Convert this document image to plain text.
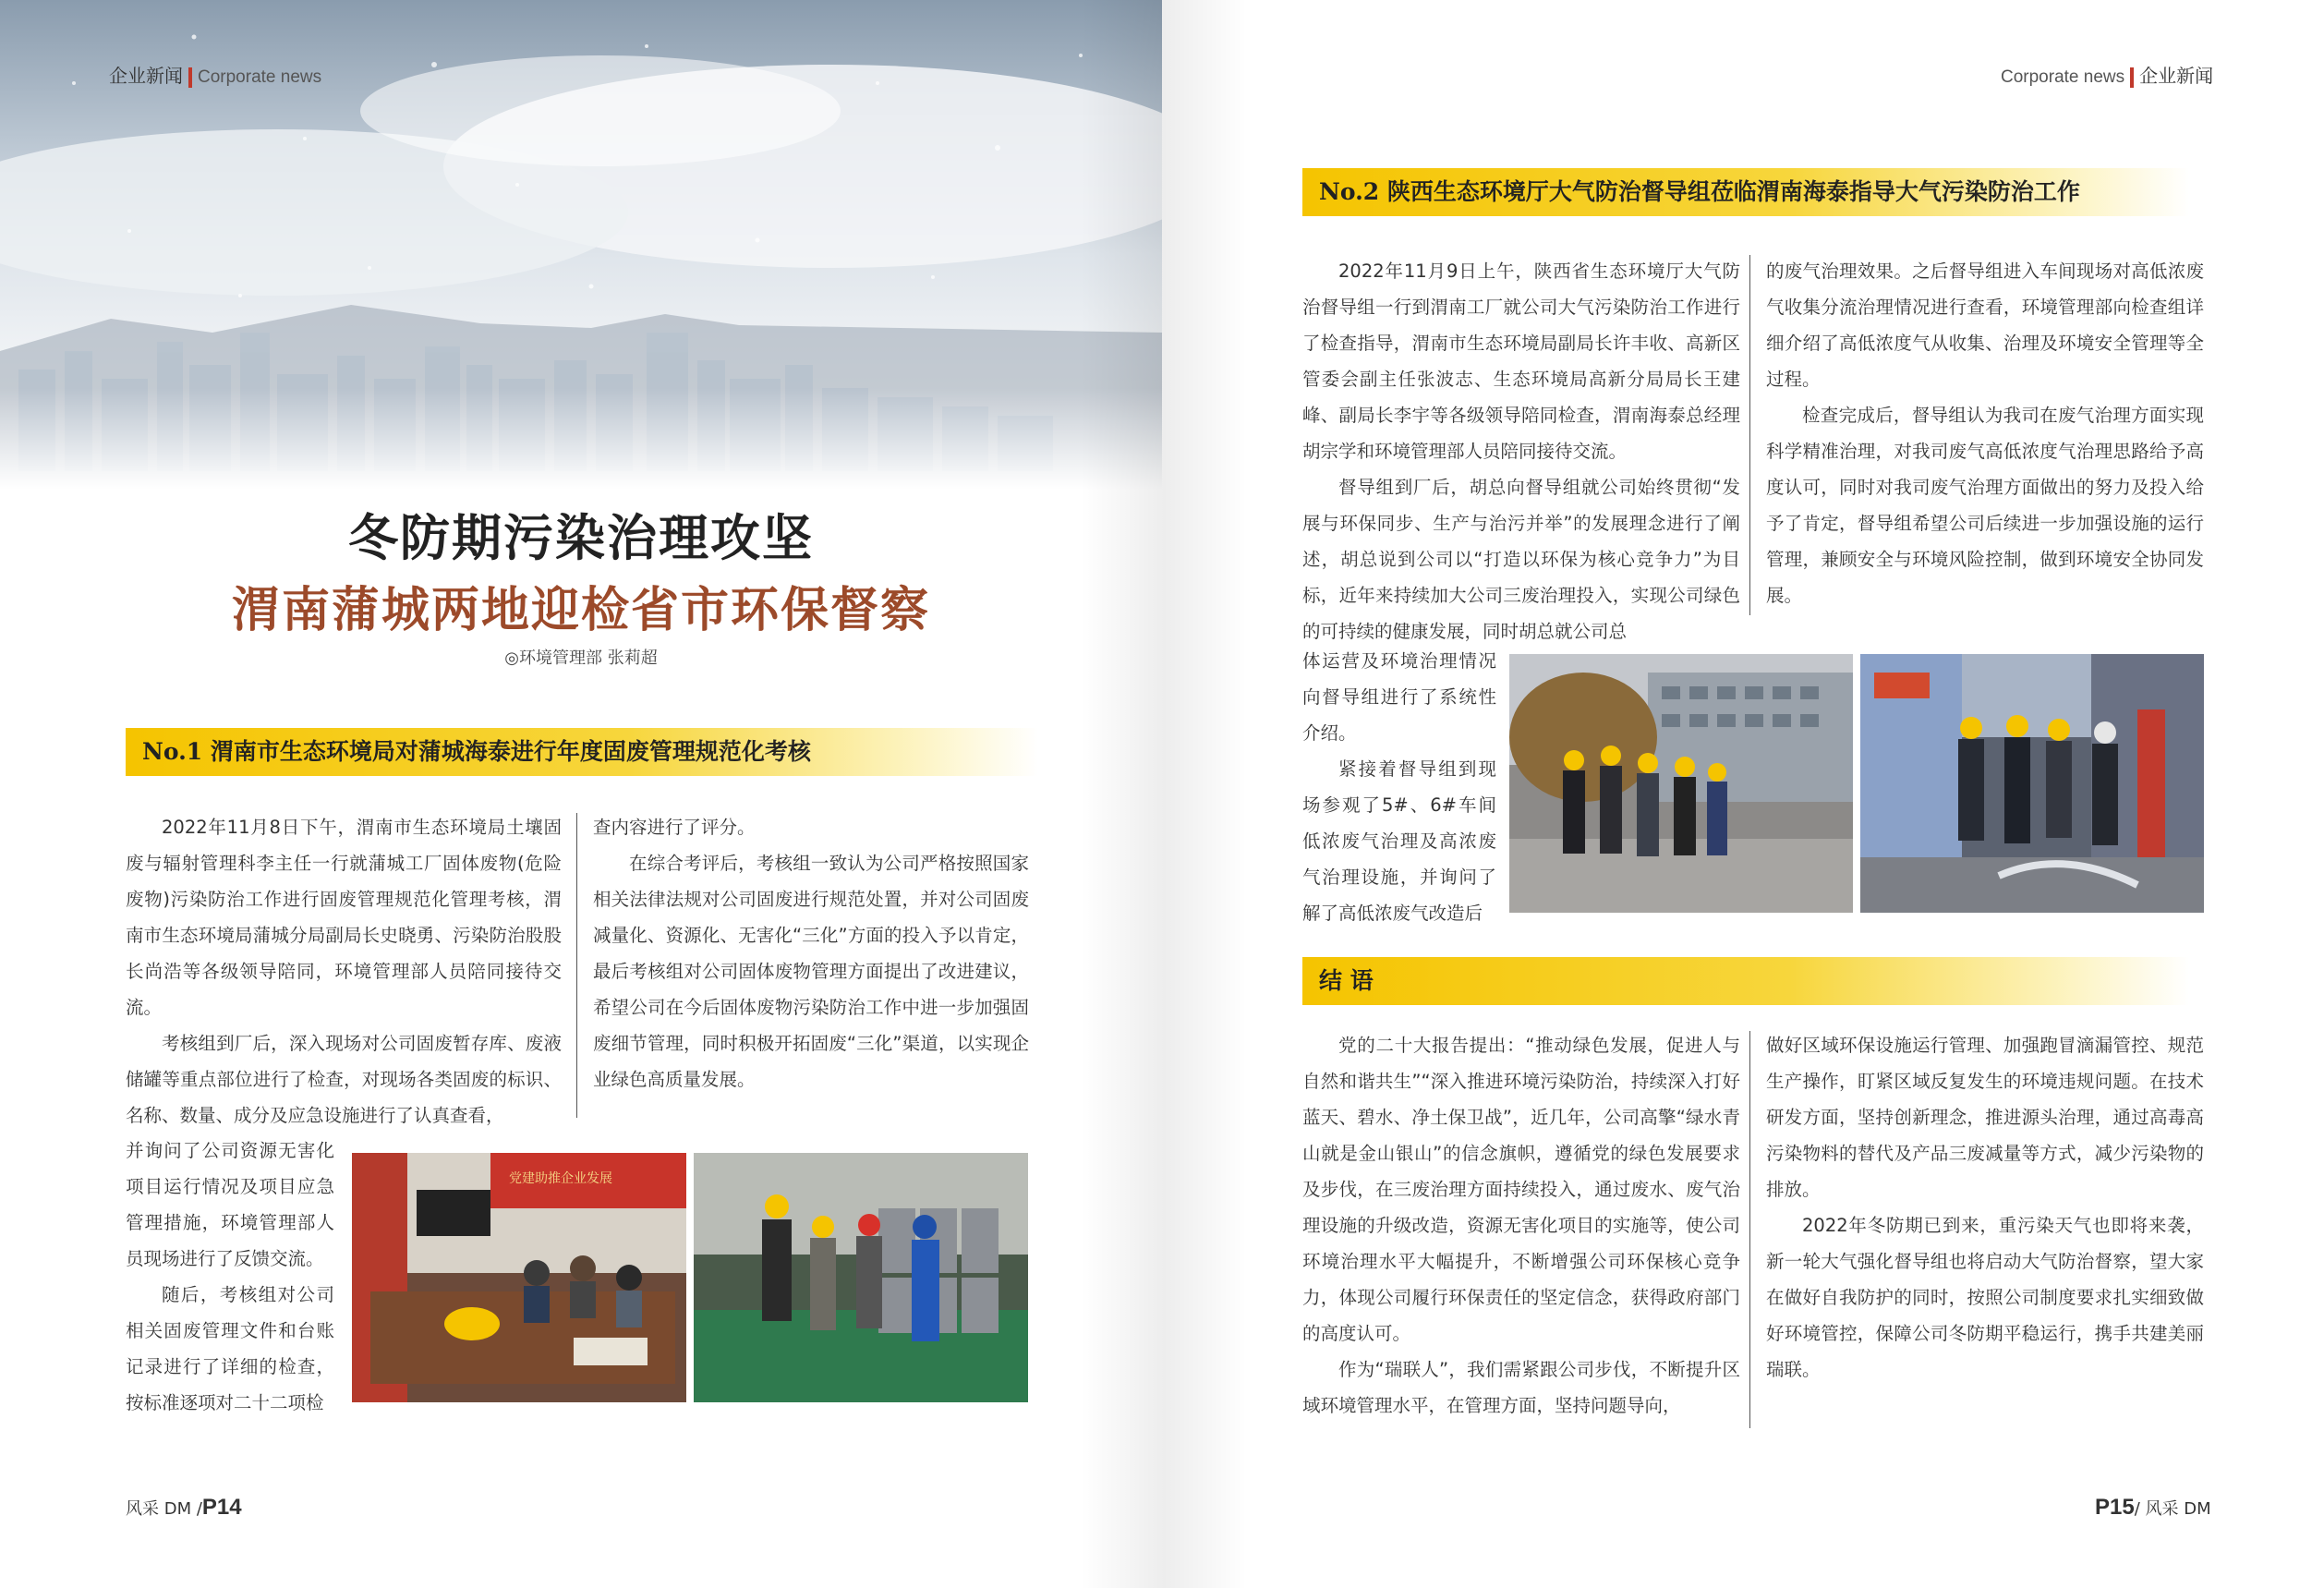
企业新闻 Corporate news
冬防期污染治理攻坚
渭南蒲城两地迎检省市环保督察
◎环境管理部 张莉超
No.1 渭南市生态环境局对蒲城海泰进行年度固废管理规范化考核

2022年11月8日下午，渭南市生态环境局土壤固废与辐射管理科李主任一行就蒲城工厂固体废物(危险废物)污染防治工作进行固废管理规范化管理考核，渭南市生态环境局蒲城分局副局长史晓勇、污染防治股股长尚浩等各级领导陪同，环境管理部人员陪同接待交流。

考核组到厂后，深入现场对公司固废暂存库、废液储罐等重点部位进行了检查，对现场各类固废的标识、名称、数量、成分及应急设施进行了认真查看，

并询问了公司资源无害化项目运行情况及项目应急管理措施，环境管理部人员现场进行了反馈交流。

随后，考核组对公司相关固废管理文件和台账记录进行了详细的检查，按标准逐项对二十二项检

查内容进行了评分。

在综合考评后，考核组一致认为公司严格按照国家相关法律法规对公司固废进行规范处置，并对公司固废减量化、资源化、无害化“三化”方面的投入予以肯定，最后考核组对公司固体废物管理方面提出了改进建议，希望公司在今后固体废物污染防治工作中进一步加强固废细节管理，同时积极开拓固废“三化”渠道，以实现企业绿色高质量发展。

党建助推企业发展
风采 DM /P14
Corporate news 企业新闻
No.2 陕西生态环境厅大气防治督导组莅临渭南海泰指导大气污染防治工作

2022年11月9日上午，陕西省生态环境厅大气防治督导组一行到渭南工厂就公司大气污染防治工作进行了检查指导，渭南市生态环境局副局长许丰收、高新区管委会副主任张波志、生态环境局高新分局局长王建峰、副局长李宇等各级领导陪同检查，渭南海泰总经理胡宗学和环境管理部人员陪同接待交流。

督导组到厂后，胡总向督导组就公司始终贯彻“发展与环保同步、生产与治污并举”的发展理念进行了阐述，胡总说到公司以“打造以环保为核心竞争力”为目标，近年来持续加大公司三废治理投入，实现公司绿色的可持续的健康发展，同时胡总就公司总

体运营及环境治理情况向督导组进行了系统性介绍。

紧接着督导组到现场参观了5#、6#车间低浓废气治理及高浓废气治理设施，并询问了解了高低浓废气改造后

的废气治理效果。之后督导组进入车间现场对高低浓废气收集分流治理情况进行查看，环境管理部向检查组详细介绍了高低浓度气从收集、治理及环境安全管理等全过程。

检查完成后，督导组认为我司在废气治理方面实现科学精准治理，对我司废气高低浓度气治理思路给予高度认可，同时对我司废气治理方面做出的努力及投入给予了肯定，督导组希望公司后续进一步加强设施的运行管理，兼顾安全与环境风险控制，做到环境安全协同发展。

结 语

党的二十大报告提出：“推动绿色发展，促进人与自然和谐共生”“深入推进环境污染防治，持续深入打好蓝天、碧水、净土保卫战”，近几年，公司高擎“绿水青山就是金山银山”的信念旗帜，遵循党的绿色发展要求及步伐，在三废治理方面持续投入，通过废水、废气治理设施的升级改造，资源无害化项目的实施等，使公司环境治理水平大幅提升，不断增强公司环保核心竞争力，体现公司履行环保责任的坚定信念，获得政府部门的高度认可。

作为“瑞联人”，我们需紧跟公司步伐，不断提升区域环境管理水平，在管理方面，坚持问题导向，

做好区域环保设施运行管理、加强跑冒滴漏管控、规范生产操作，盯紧区域反复发生的环境违规问题。在技术研发方面，坚持创新理念，推进源头治理，通过高毒高污染物料的替代及产品三废减量等方式，减少污染物的排放。

2022年冬防期已到来，重污染天气也即将来袭，新一轮大气强化督导组也将启动大气防治督察，望大家在做好自我防护的同时，按照公司制度要求扎实细致做好环境管控，保障公司冬防期平稳运行，携手共建美丽瑞联。

P15/ 风采 DM
